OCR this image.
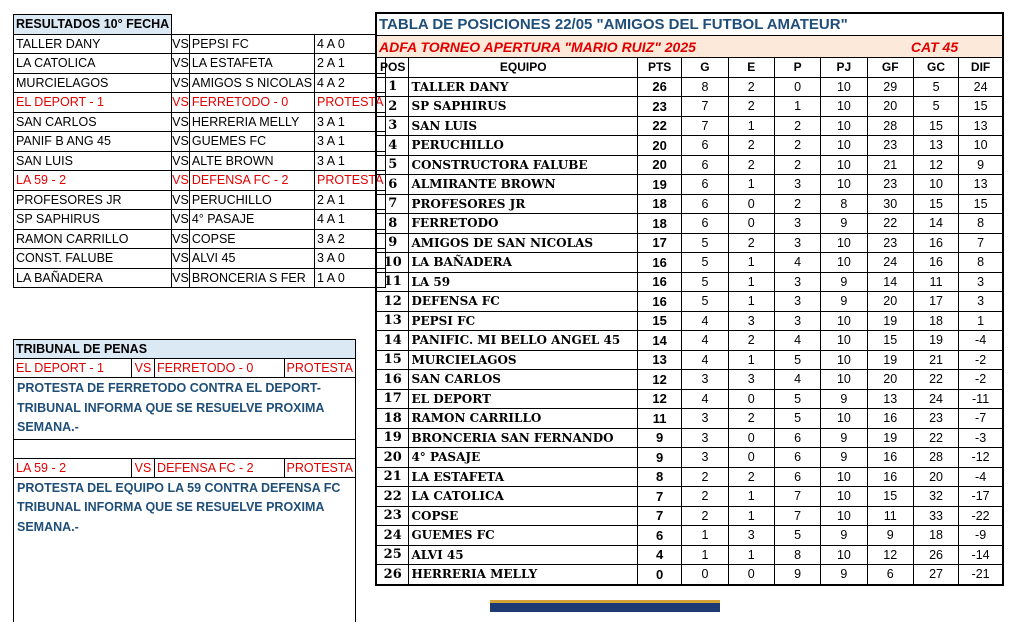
RESULTADOS 10° FECHA			
TALLER DANY	VS	PEPSI FC	4 A 0
LA CATOLICA	VS	LA ESTAFETA	2 A 1
MURCIELAGOS	VS	AMIGOS S NICOLAS	4 A 2
EL DEPORT - 1	VS	FERRETODO - 0	PROTESTA
SAN CARLOS	VS	HERRERIA MELLY	3 A 1
PANIF B ANG 45	VS	GUEMES FC	3 A 1
SAN LUIS	VS	ALTE BROWN	3 A 1
LA 59 - 2	VS	DEFENSA FC - 2	PROTESTA
PROFESORES JR	VS	PERUCHILLO	2 A 1
SP SAPHIRUS	VS	4° PASAJE	4 A 1
RAMON CARRILLO	VS	COPSE	3 A 2
CONST. FALUBE	VS	ALVI 45	3 A 0
LA BAÑADERA	VS	BRONCERIA S FER	1 A 0
TRIBUNAL DE PENAS			
EL DEPORT - 1	VS	FERRETODO - 0	PROTESTA

PROTESTA DE FERRETODO CONTRA EL DEPORT-
TRIBUNAL INFORMA QUE SE RESUELVE PROXIMA
SEMANA.-			

LA 59 - 2	VS	DEFENSA FC - 2	PROTESTA

PROTESTA DEL EQUIPO LA 59 CONTRA DEFENSA FC
TRIBUNAL INFORMA QUE SE RESUELVE PROXIMA
SEMANA.-			

TABLA DE POSICIONES 22/05 "AMIGOS DEL FUTBOL AMATEUR"									
ADFA TORNEO APERTURA "MARIO RUIZ" 2025							CAT 45		
POS	EQUIPO	PTS	G	E	P	PJ	GF	GC	DIF
1	TALLER DANY	26	8	2	0	10	29	5	24
2	SP SAPHIRUS	23	7	2	1	10	20	5	15
3	SAN LUIS	22	7	1	2	10	28	15	13
4	PERUCHILLO	20	6	2	2	10	23	13	10
5	CONSTRUCTORA FALUBE	20	6	2	2	10	21	12	9
6	ALMIRANTE BROWN	19	6	1	3	10	23	10	13
7	PROFESORES JR	18	6	0	2	8	30	15	15
8	FERRETODO	18	6	0	3	9	22	14	8
9	AMIGOS DE SAN NICOLAS	17	5	2	3	10	23	16	7
10	LA BAÑADERA	16	5	1	4	10	24	16	8
11	LA 59	16	5	1	3	9	14	11	3
12	DEFENSA FC	16	5	1	3	9	20	17	3
13	PEPSI FC	15	4	3	3	10	19	18	1
14	PANIFIC. MI BELLO ANGEL 45	14	4	2	4	10	15	19	-4
15	MURCIELAGOS	13	4	1	5	10	19	21	-2
16	SAN CARLOS	12	3	3	4	10	20	22	-2
17	EL DEPORT	12	4	0	5	9	13	24	-11
18	RAMON CARRILLO	11	3	2	5	10	16	23	-7
19	BRONCERIA SAN FERNANDO	9	3	0	6	9	19	22	-3
20	4° PASAJE	9	3	0	6	9	16	28	-12
21	LA ESTAFETA	8	2	2	6	10	16	20	-4
22	LA CATOLICA	7	2	1	7	10	15	32	-17
23	COPSE	7	2	1	7	10	11	33	-22
24	GUEMES FC	6	1	3	5	9	9	18	-9
25	ALVI 45	4	1	1	8	10	12	26	-14
26	HERRERIA MELLY	0	0	0	9	9	6	27	-21
